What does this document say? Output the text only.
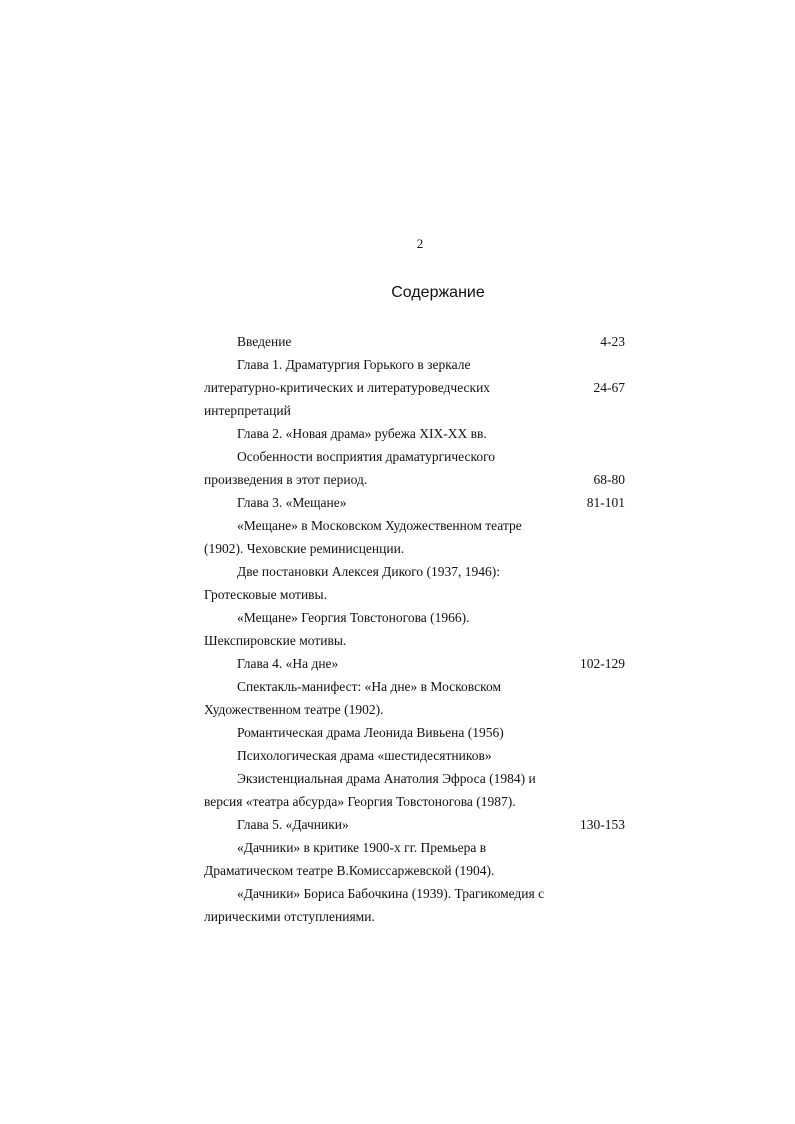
2
Содержание
Введение	4-23
Глава 1. Драматургия Горького в зеркале
литературно-критических и литературоведческих	24-67
интерпретаций
Глава 2. «Новая драма» рубежа XIX-XX вв.
Особенности восприятия драматургического
произведения в этот период.	68-80
Глава 3. «Мещане»	81-101
«Мещане» в Московском Художественном театре
(1902). Чеховские реминисценции.
Две постановки Алексея Дикого (1937, 1946):
Гротесковые мотивы.
«Мещане» Георгия Товстоногова (1966).
Шекспировские мотивы.
Глава 4. «На дне»	102-129
Спектакль-манифест: «На дне» в Московском
Художественном театре (1902).
Романтическая драма Леонида Вивьена (1956)
Психологическая драма «шестидесятников»
Экзистенциальная драма Анатолия Эфроса (1984) и
версия «театра абсурда» Георгия Товстоногова (1987).
Глава 5. «Дачники»	130-153
«Дачники» в критике 1900-х гг. Премьера в
Драматическом театре В.Комиссаржевской (1904).
«Дачники» Бориса Бабочкина (1939). Трагикомедия с
лирическими отступлениями.
